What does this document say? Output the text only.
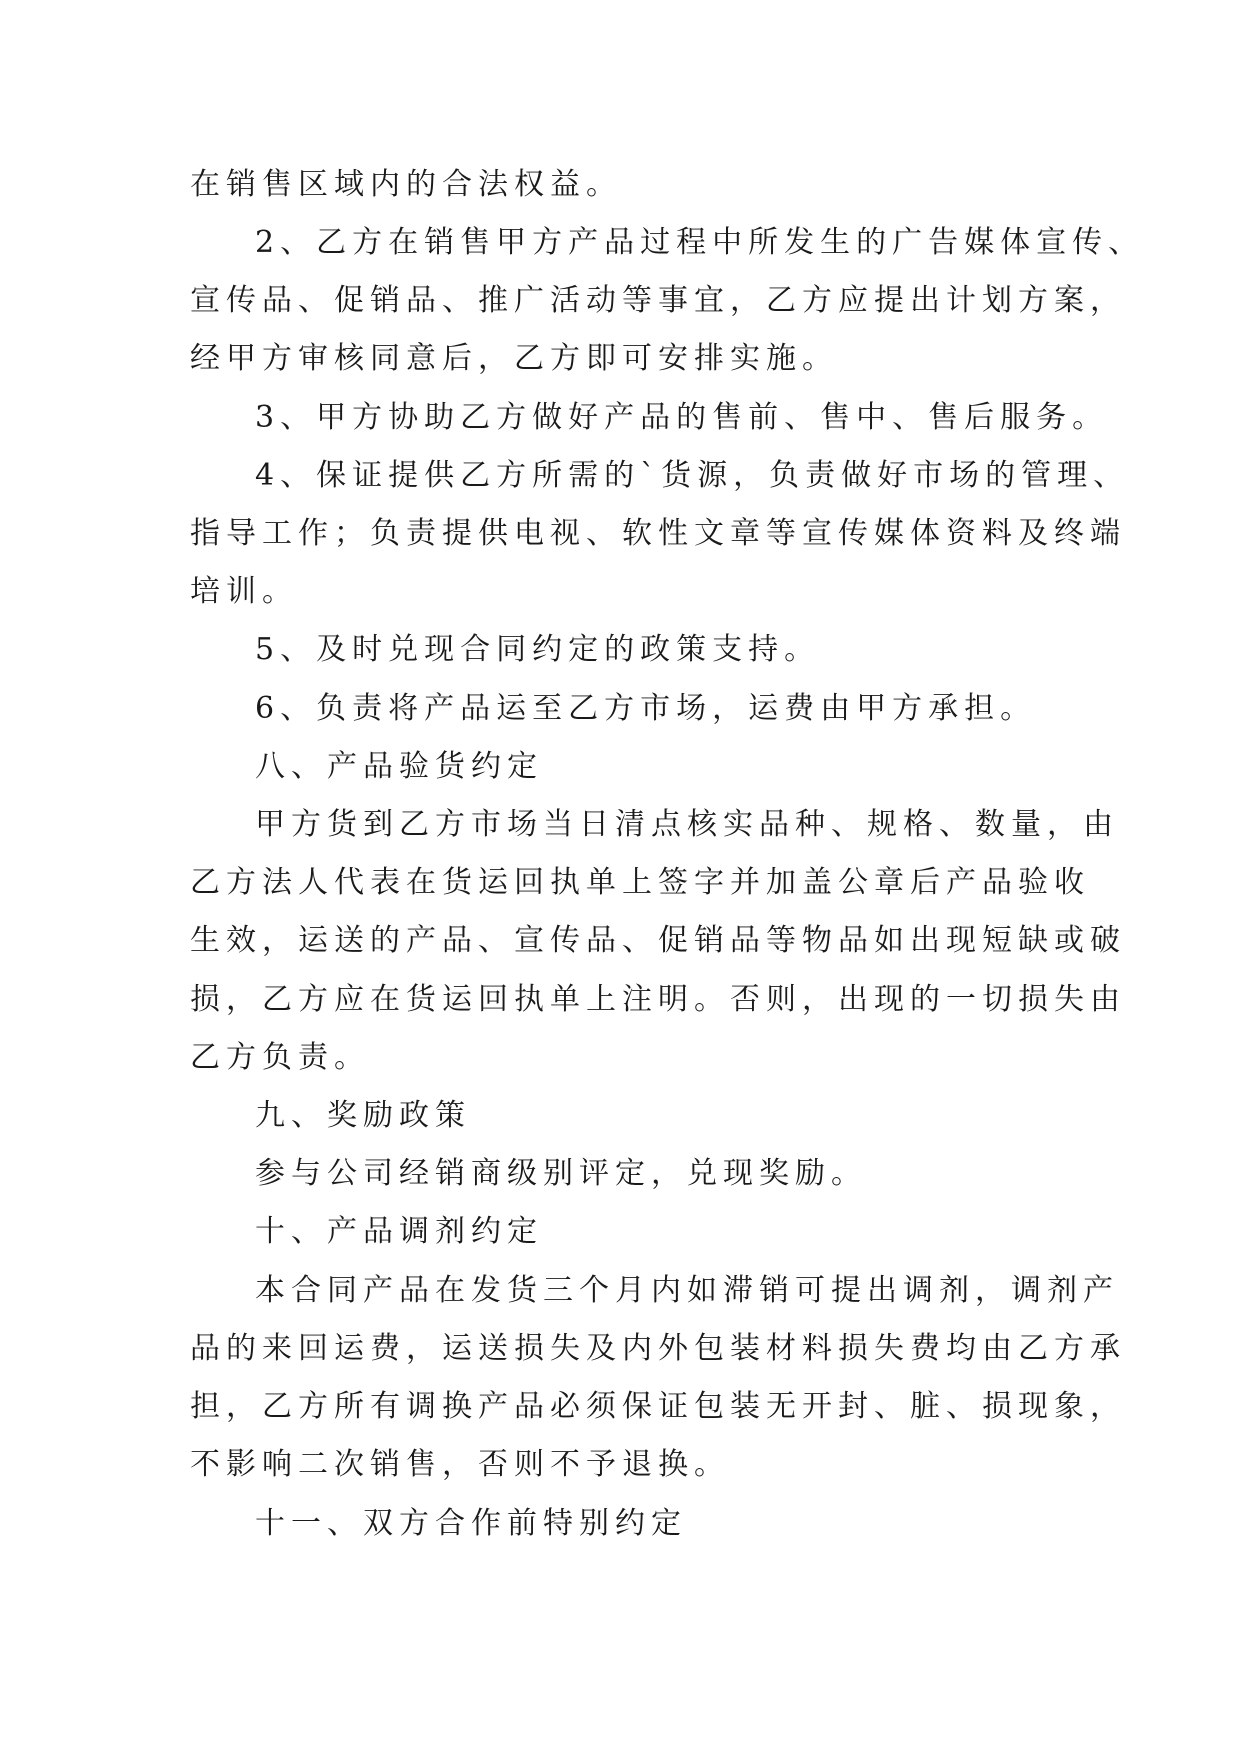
在销售区域内的合法权益。
2、乙方在销售甲方产品过程中所发生的广告媒体宣传、
宣传品、促销品、推广活动等事宜，乙方应提出计划方案，
经甲方审核同意后，乙方即可安排实施。
3、甲方协助乙方做好产品的售前、售中、售后服务。
4、保证提供乙方所需的`货源，负责做好市场的管理、
指导工作；负责提供电视、软性文章等宣传媒体资料及终端
培训。
5、及时兑现合同约定的政策支持。
6、负责将产品运至乙方市场，运费由甲方承担。
八、产品验货约定
甲方货到乙方市场当日清点核实品种、规格、数量，由
乙方法人代表在货运回执单上签字并加盖公章后产品验收
生效，运送的产品、宣传品、促销品等物品如出现短缺或破
损，乙方应在货运回执单上注明。否则，出现的一切损失由
乙方负责。
九、奖励政策
参与公司经销商级别评定，兑现奖励。
十、产品调剂约定
本合同产品在发货三个月内如滞销可提出调剂，调剂产
品的来回运费，运送损失及内外包装材料损失费均由乙方承
担，乙方所有调换产品必须保证包装无开封、脏、损现象，
不影响二次销售，否则不予退换。
十一、双方合作前特别约定
